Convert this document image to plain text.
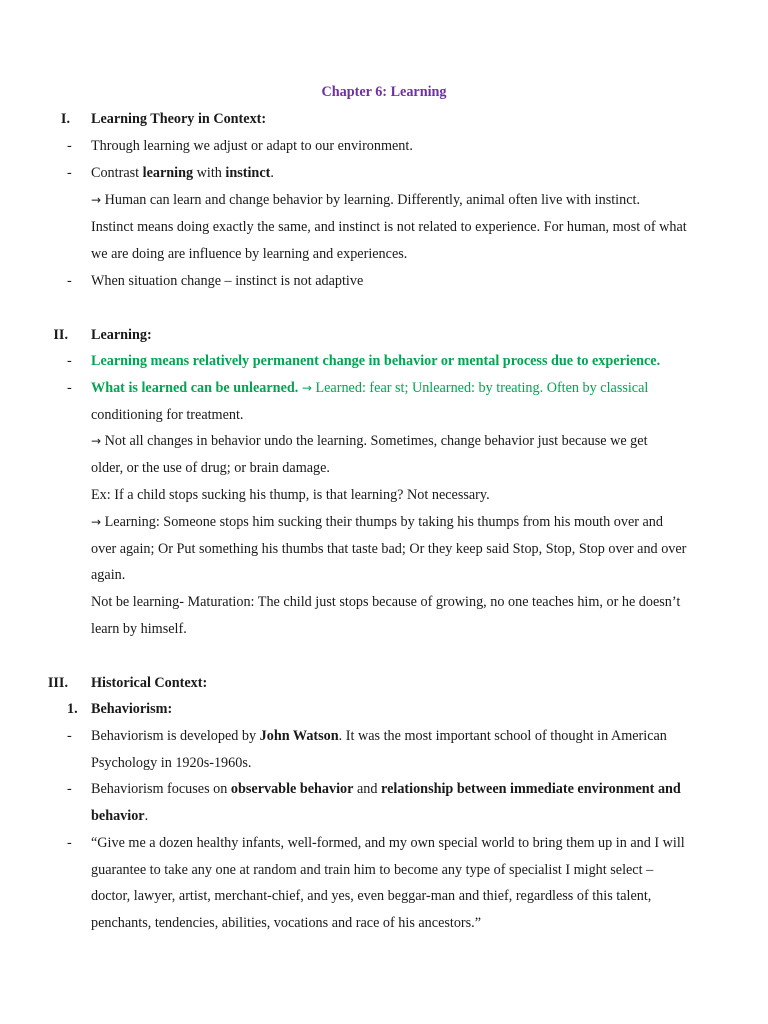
Chapter 6: Learning
I. Learning Theory in Context:
- Through learning we adjust or adapt to our environment.
- Contrast learning with instinct.
→ Human can learn and change behavior by learning. Differently, animal often live with instinct.
Instinct means doing exactly the same, and instinct is not related to experience. For human, most of what
we are doing are influence by learning and experiences.
- When situation change – instinct is not adaptive
II. Learning:
- Learning means relatively permanent change in behavior or mental process due to experience.
- What is learned can be unlearned. → Learned: fear st; Unlearned: by treating. Often by classical
conditioning for treatment.
→ Not all changes in behavior undo the learning. Sometimes, change behavior just because we get
older, or the use of drug; or brain damage.
Ex: If a child stops sucking his thump, is that learning? Not necessary.
→ Learning: Someone stops him sucking their thumps by taking his thumps from his mouth over and
over again; Or Put something his thumbs that taste bad; Or they keep said Stop, Stop, Stop over and over
again.
Not be learning- Maturation: The child just stops because of growing, no one teaches him, or he doesn’t
learn by himself.
III. Historical Context:
1. Behaviorism:
- Behaviorism is developed by John Watson. It was the most important school of thought in American
Psychology in 1920s-1960s.
- Behaviorism focuses on observable behavior and relationship between immediate environment and
behavior.
- “Give me a dozen healthy infants, well-formed, and my own special world to bring them up in and I will
guarantee to take any one at random and train him to become any type of specialist I might select –
doctor, lawyer, artist, merchant-chief, and yes, even beggar-man and thief, regardless of this talent,
penchants, tendencies, abilities, vocations and race of his ancestors.”
